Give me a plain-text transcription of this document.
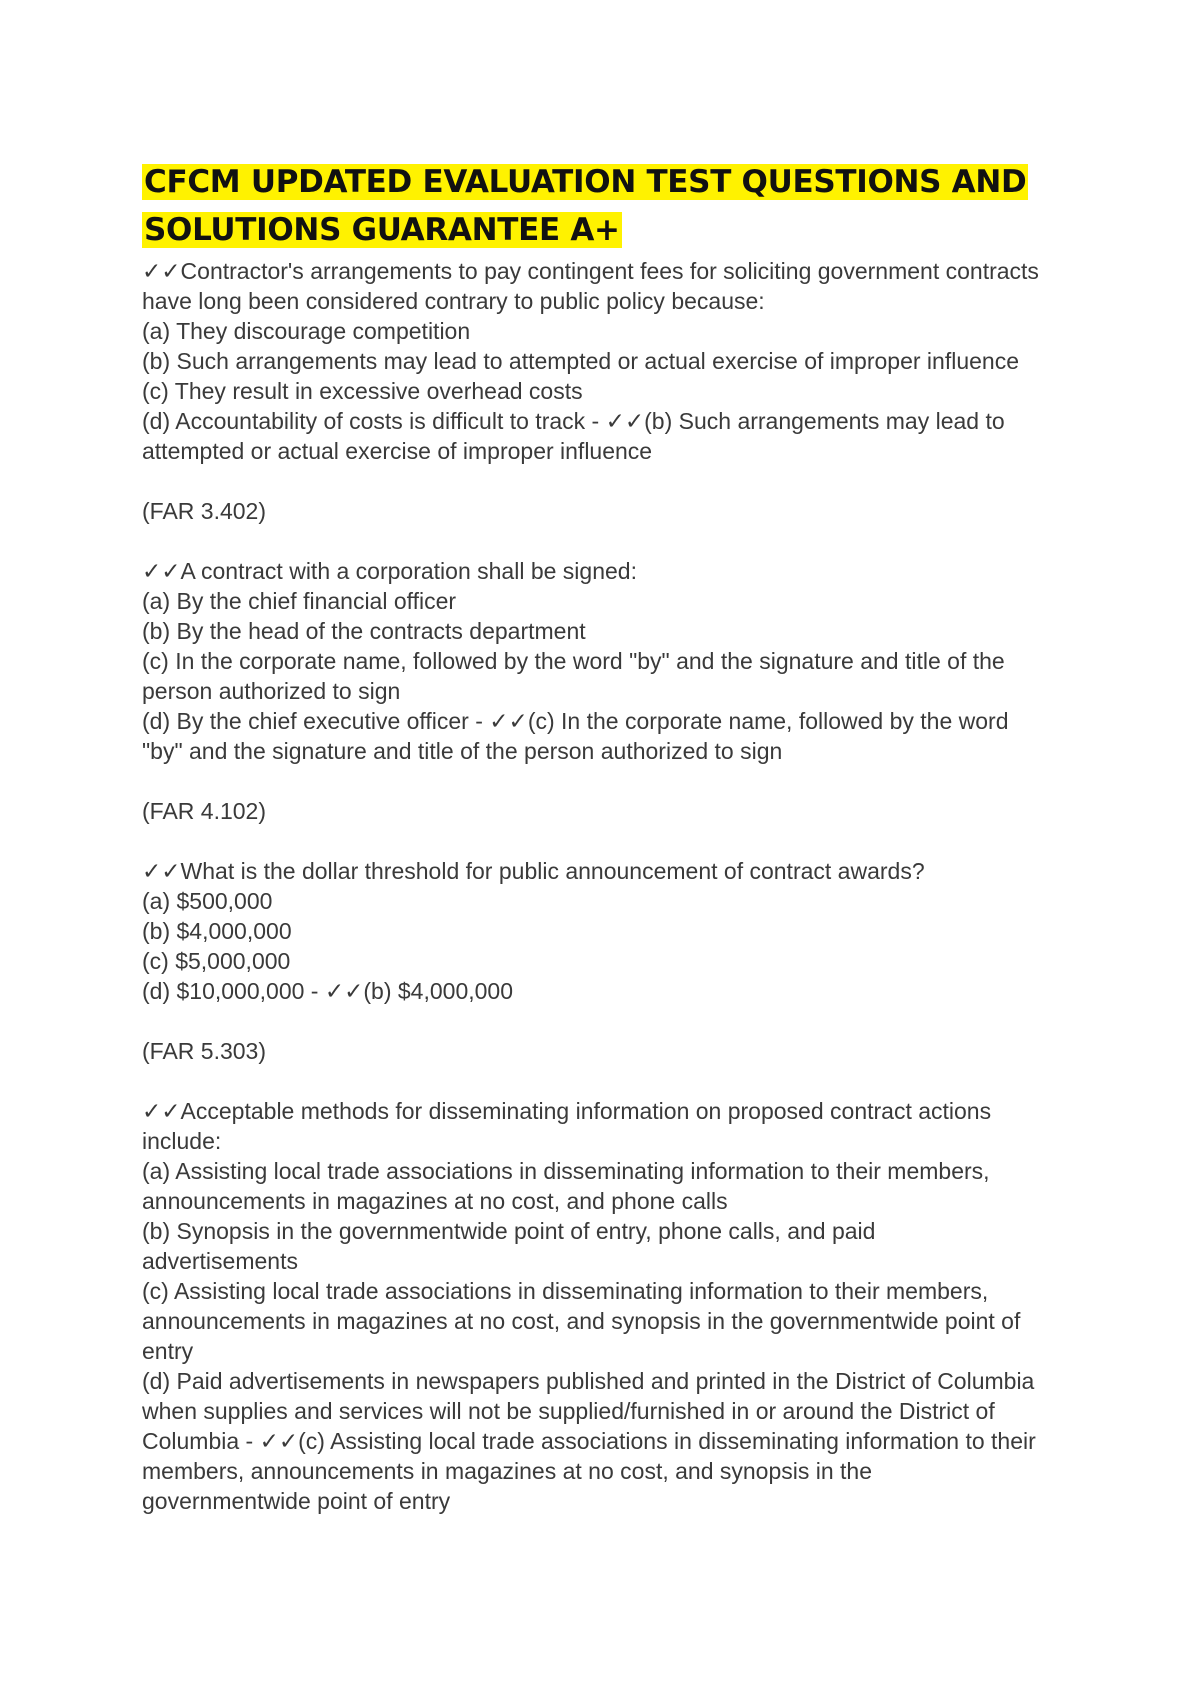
CFCM UPDATED EVALUATION TEST QUESTIONS AND
SOLUTIONS GUARANTEE A+
✓✓Contractor's arrangements to pay contingent fees for soliciting government contracts
have long been considered contrary to public policy because:
(a) They discourage competition
(b) Such arrangements may lead to attempted or actual exercise of improper influence
(c) They result in excessive overhead costs
(d) Accountability of costs is difficult to track - ✓✓(b) Such arrangements may lead to
attempted or actual exercise of improper influence

(FAR 3.402)

✓✓A contract with a corporation shall be signed:
(a) By the chief financial officer
(b) By the head of the contracts department
(c) In the corporate name, followed by the word "by" and the signature and title of the
person authorized to sign
(d) By the chief executive officer - ✓✓(c) In the corporate name, followed by the word
"by" and the signature and title of the person authorized to sign

(FAR 4.102)

✓✓What is the dollar threshold for public announcement of contract awards?
(a) $500,000
(b) $4,000,000
(c) $5,000,000
(d) $10,000,000 - ✓✓(b) $4,000,000

(FAR 5.303)

✓✓Acceptable methods for disseminating information on proposed contract actions
include:
(a) Assisting local trade associations in disseminating information to their members,
announcements in magazines at no cost, and phone calls
(b) Synopsis in the governmentwide point of entry, phone calls, and paid
advertisements
(c) Assisting local trade associations in disseminating information to their members,
announcements in magazines at no cost, and synopsis in the governmentwide point of
entry
(d) Paid advertisements in newspapers published and printed in the District of Columbia
when supplies and services will not be supplied/furnished in or around the District of
Columbia - ✓✓(c) Assisting local trade associations in disseminating information to their
members, announcements in magazines at no cost, and synopsis in the
governmentwide point of entry
